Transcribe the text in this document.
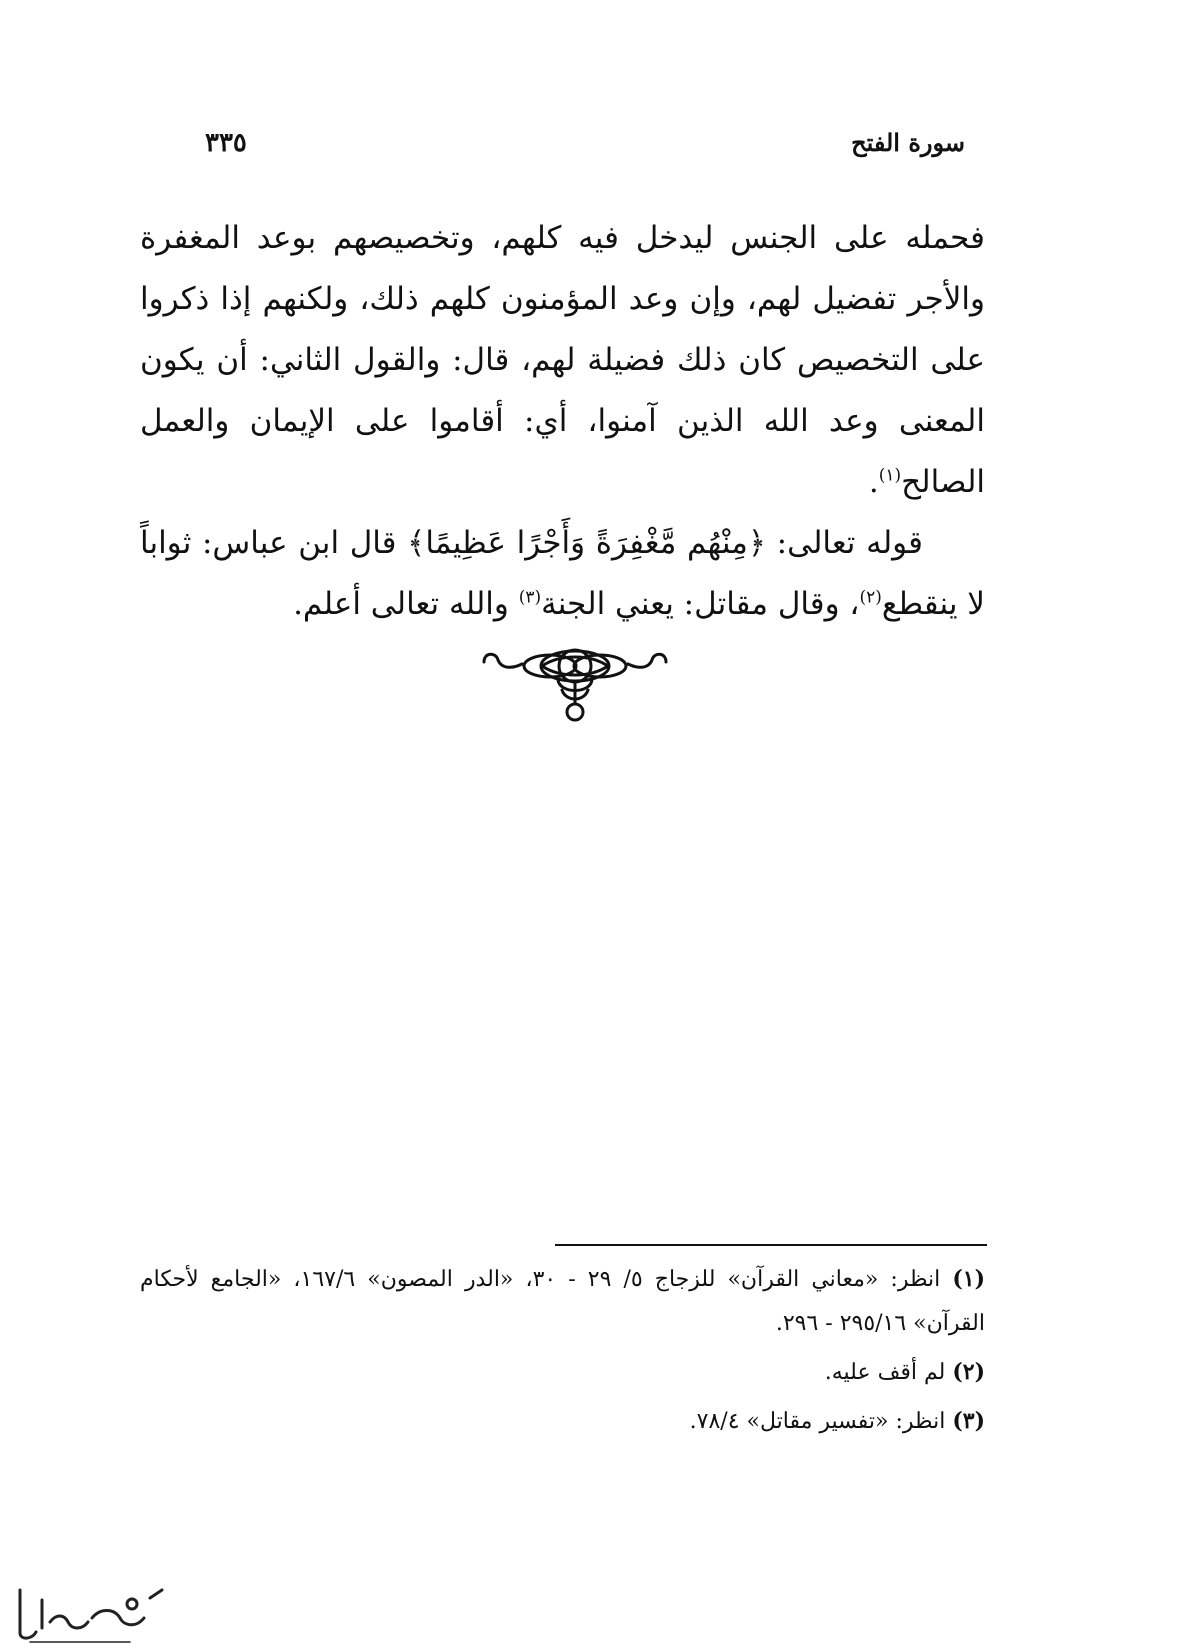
سورة الفتح
٣٣٥

فحمله على الجنس ليدخل فيه كلهم، وتخصيصهم بوعد المغفرة والأجر تفضيل لهم، وإن وعد المؤمنون كلهم ذلك، ولكنهم إذا ذكروا على التخصيص كان ذلك فضيلة لهم، قال: والقول الثاني: أن يكون المعنى وعد الله الذين آمنوا، أي: أقاموا على الإيمان والعمل الصالح$^{(١)}$.

قوله تعالى: ﴿مِنْهُم مَّغْفِرَةً وَأَجْرًا عَظِيمًا﴾ قال ابن عباس: ثواباً لا ينقطع$^{(٢)}$، وقال مقاتل: يعني الجنة$^{(٣)}$ والله تعالى أعلم.

(١) انظر: «معاني القرآن» للزجاج ٥/ ٢٩ - ٣٠، «الدر المصون» ١٦٧/٦، «الجامع لأحكام القرآن» ٢٩٥/١٦ - ٢٩٦.

(٢) لم أقف عليه.

(٣) انظر: «تفسير مقاتل» ٧٨/٤.
